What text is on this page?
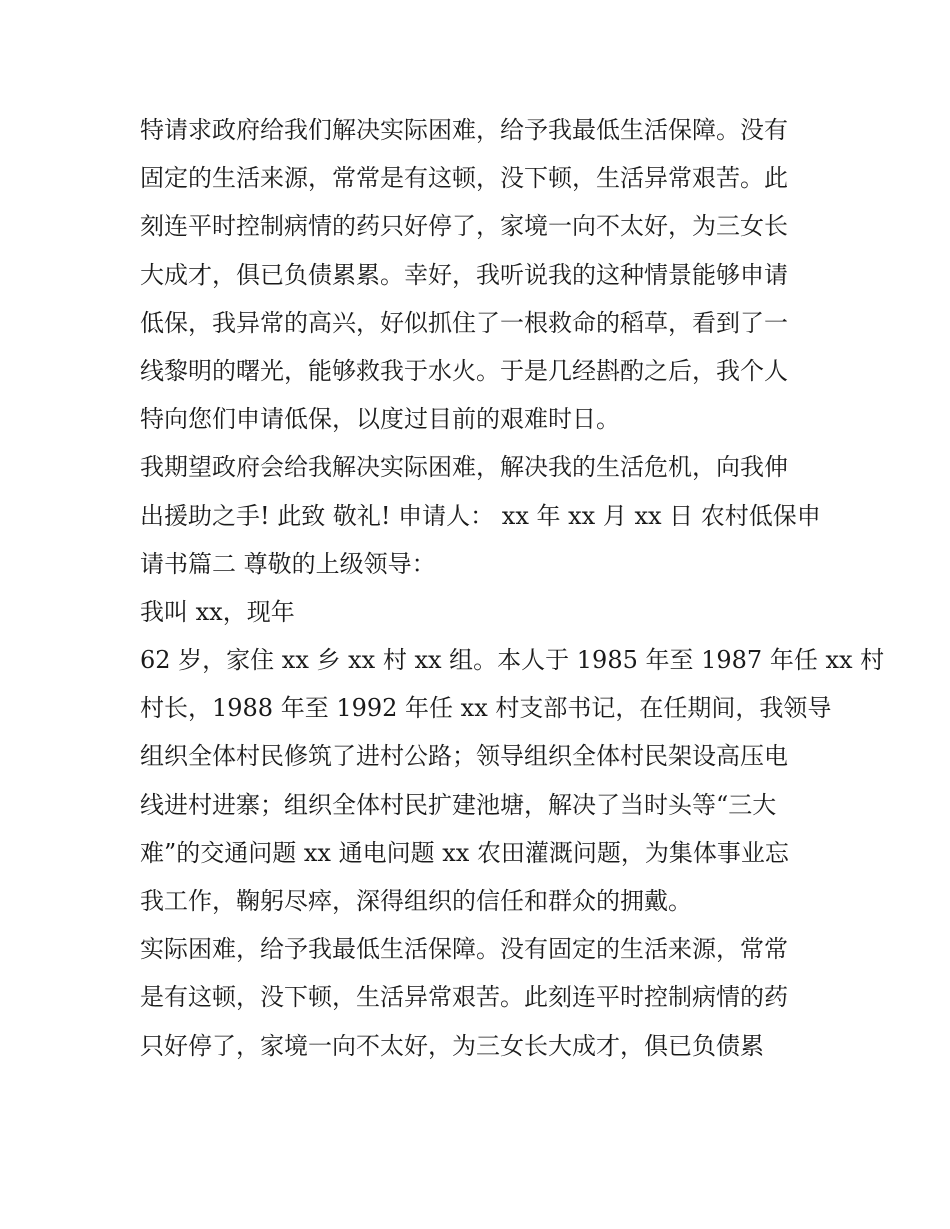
特请求政府给我们解决实际困难，给予我最低生活保障。没有
固定的生活来源，常常是有这顿，没下顿，生活异常艰苦。此
刻连平时控制病情的药只好停了，家境一向不太好，为三女长
大成才，俱已负债累累。幸好，我听说我的这种情景能够申请
低保，我异常的高兴，好似抓住了一根救命的稻草，看到了一
线黎明的曙光，能够救我于水火。于是几经斟酌之后，我个人
特向您们申请低保，以度过目前的艰难时日。
我期望政府会给我解决实际困难，解决我的生活危机，向我伸
出援助之手! 此致 敬礼! 申请人： xx 年 xx 月 xx 日 农村低保申
请书篇二 尊敬的上级领导：
我叫 xx，现年
62 岁，家住 xx 乡 xx 村 xx 组。本人于 1985 年至 1987 年任 xx 村
村长，1988 年至 1992 年任 xx 村支部书记，在任期间，我领导
组织全体村民修筑了进村公路；领导组织全体村民架设高压电
线进村进寨；组织全体村民扩建池塘，解决了当时头等“三大
难”的交通问题 xx 通电问题 xx 农田灌溉问题，为集体事业忘
我工作，鞠躬尽瘁，深得组织的信任和群众的拥戴。
实际困难，给予我最低生活保障。没有固定的生活来源，常常
是有这顿，没下顿，生活异常艰苦。此刻连平时控制病情的药
只好停了，家境一向不太好，为三女长大成才，俱已负债累
